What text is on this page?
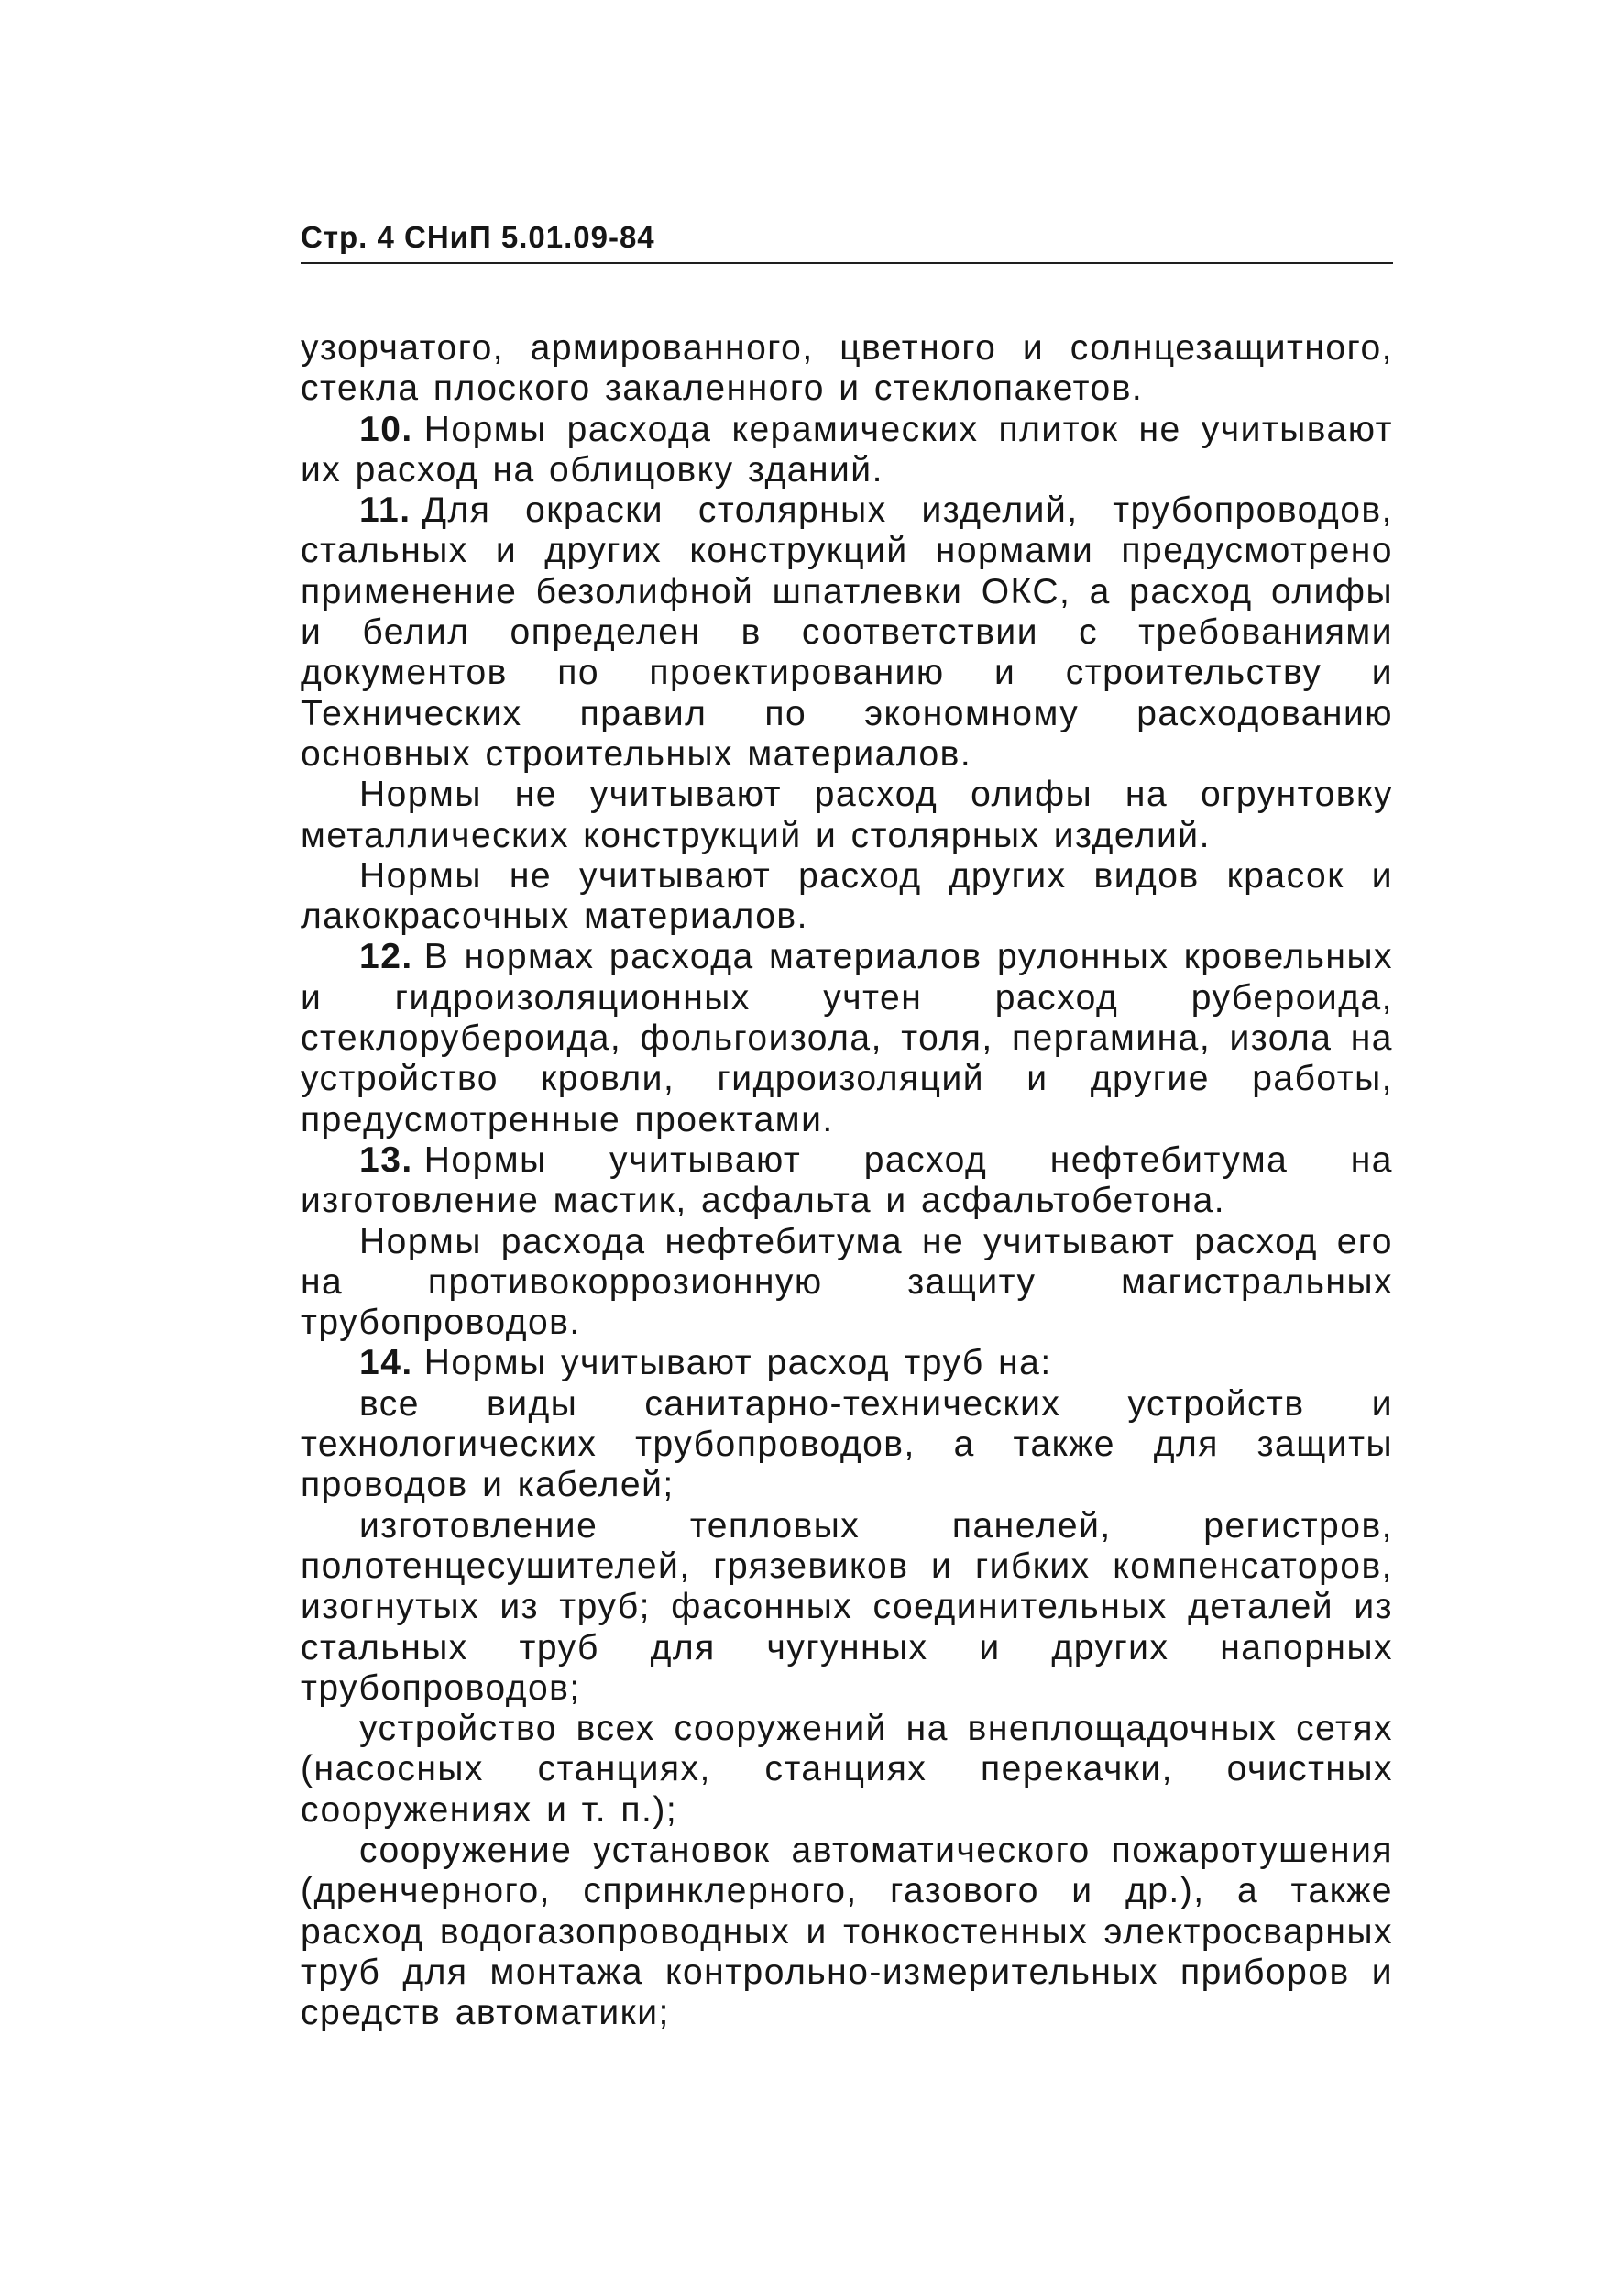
Стр. 4 СНиП 5.01.09-84

узорчатого, армированного, цветного и солнцезащитного, стекла плоского закаленного и стеклопакетов.

10. Нормы расхода керамических плиток не учитывают их расход на облицовку зданий.

11. Для окраски столярных изделий, трубопроводов, стальных и других конструкций нормами предусмотрено применение безолифной шпатлевки ОКС, а расход олифы и белил определен в соответствии с требованиями документов по проектированию и строительству и Технических правил по экономному расходованию основных строительных материалов.

Нормы не учитывают расход олифы на огрунтовку металлических конструкций и столярных изделий.

Нормы не учитывают расход других видов красок и лакокрасочных материалов.

12. В нормах расхода материалов рулонных кровельных и гидроизоляционных учтен расход рубероида, стеклорубероида, фольгоизола, толя, пергамина, изола на устройство кровли, гидроизоляций и другие работы, предусмотренные проектами.

13. Нормы учитывают расход нефтебитума на изготовление мастик, асфальта и асфальтобетона.

Нормы расхода нефтебитума не учитывают расход его на противокоррозионную защиту магистральных трубопроводов.

14. Нормы учитывают расход труб на:

все виды санитарно-технических устройств и технологических трубопроводов, а также для защиты проводов и кабелей;

изготовление тепловых панелей, регистров, полотенцесушителей, грязевиков и гибких компенсаторов, изогнутых из труб; фасонных соединительных деталей из стальных труб для чугунных и других напорных трубопроводов;

устройство всех сооружений на внеплощадочных сетях (насосных станциях, станциях перекачки, очистных сооружениях и т. п.);

сооружение установок автоматического пожаротушения (дренчерного, спринклерного, газового и др.), а также расход водогазопроводных и тонкостенных электросварных труб для монтажа контрольно-измерительных приборов и средств автоматики;
